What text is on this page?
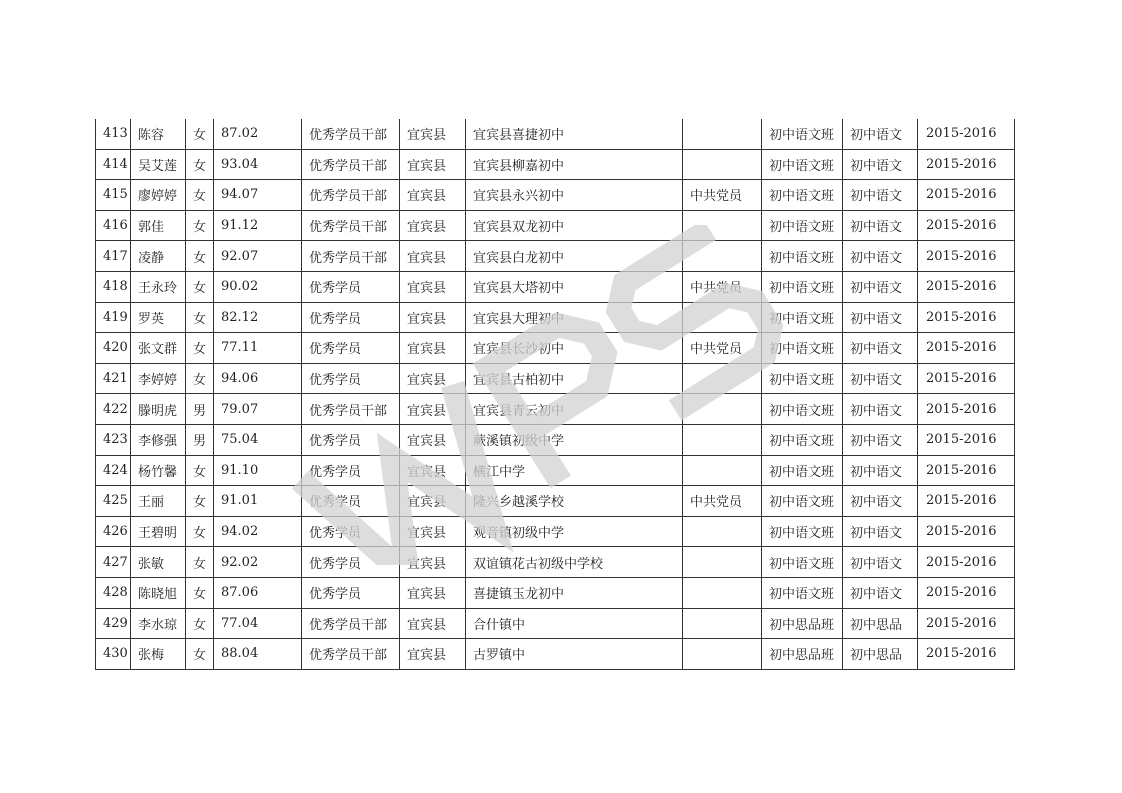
413	陈容	女	87.02	优秀学员干部	宜宾县	宜宾县喜捷初中		初中语文班	初中语文	2015-2016
414	吴艾莲	女	93.04	优秀学员干部	宜宾县	宜宾县柳嘉初中		初中语文班	初中语文	2015-2016
415	廖婷婷	女	94.07	优秀学员干部	宜宾县	宜宾县永兴初中	中共党员	初中语文班	初中语文	2015-2016
416	郭佳	女	91.12	优秀学员干部	宜宾县	宜宾县双龙初中		初中语文班	初中语文	2015-2016
417	凌静	女	92.07	优秀学员干部	宜宾县	宜宾县白龙初中		初中语文班	初中语文	2015-2016
418	王永玲	女	90.02	优秀学员	宜宾县	宜宾县大塔初中	中共党员	初中语文班	初中语文	2015-2016
419	罗英	女	82.12	优秀学员	宜宾县	宜宾县大理初中		初中语文班	初中语文	2015-2016
420	张文群	女	77.11	优秀学员	宜宾县	宜宾县长沙初中	中共党员	初中语文班	初中语文	2015-2016
421	李婷婷	女	94.06	优秀学员	宜宾县	宜宾县古柏初中		初中语文班	初中语文	2015-2016
422	滕明虎	男	79.07	优秀学员干部	宜宾县	宜宾县青云初中		初中语文班	初中语文	2015-2016
423	李修强	男	75.04	优秀学员	宜宾县	蕨溪镇初级中学		初中语文班	初中语文	2015-2016
424	杨竹馨	女	91.10	优秀学员	宜宾县	横江中学		初中语文班	初中语文	2015-2016
425	王丽	女	91.01	优秀学员	宜宾县	隆兴乡越溪学校	中共党员	初中语文班	初中语文	2015-2016
426	王碧明	女	94.02	优秀学员	宜宾县	观音镇初级中学		初中语文班	初中语文	2015-2016
427	张敏	女	92.02	优秀学员	宜宾县	双谊镇花古初级中学校		初中语文班	初中语文	2015-2016
428	陈晓旭	女	87.06	优秀学员	宜宾县	喜捷镇玉龙初中		初中语文班	初中语文	2015-2016
429	李水琼	女	77.04	优秀学员干部	宜宾县	合什镇中		初中思品班	初中思品	2015-2016
430	张梅	女	88.04	优秀学员干部	宜宾县	古罗镇中		初中思品班	初中思品	2015-2016
